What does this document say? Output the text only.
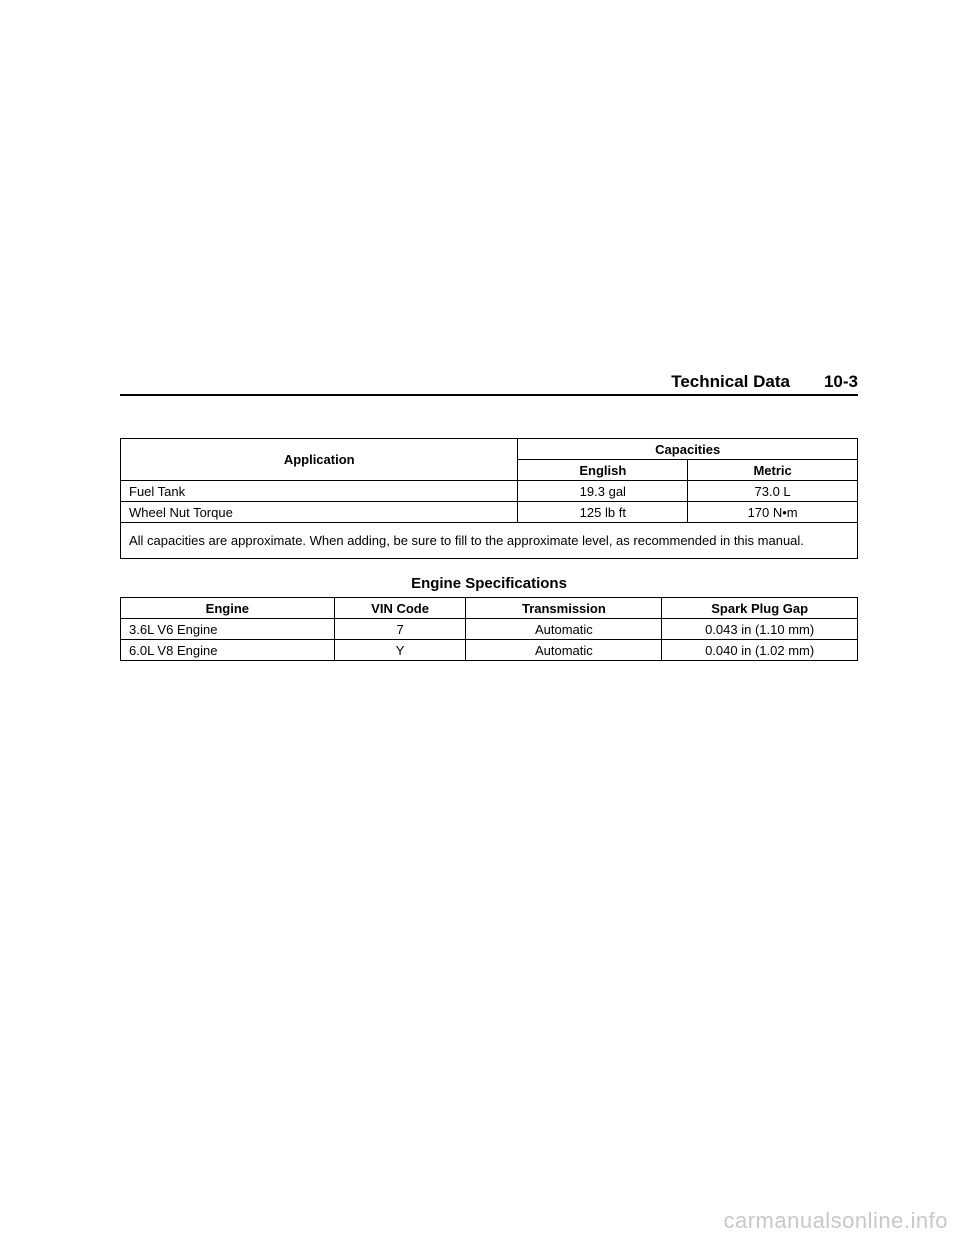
Technical Data 10-3
Application	Capacities	
	English	Metric
Fuel Tank	19.3 gal	73.0 L
Wheel Nut Torque	125 lb ft	170 N•m
All capacities are approximate. When adding, be sure to fill to the approximate level, as recommended in this manual.		
Engine Specifications
Engine	VIN Code	Transmission	Spark Plug Gap
3.6L V6 Engine	7	Automatic	0.043 in (1.10 mm)
6.0L V8 Engine	Y	Automatic	0.040 in (1.02 mm)
carmanualsonline.info
